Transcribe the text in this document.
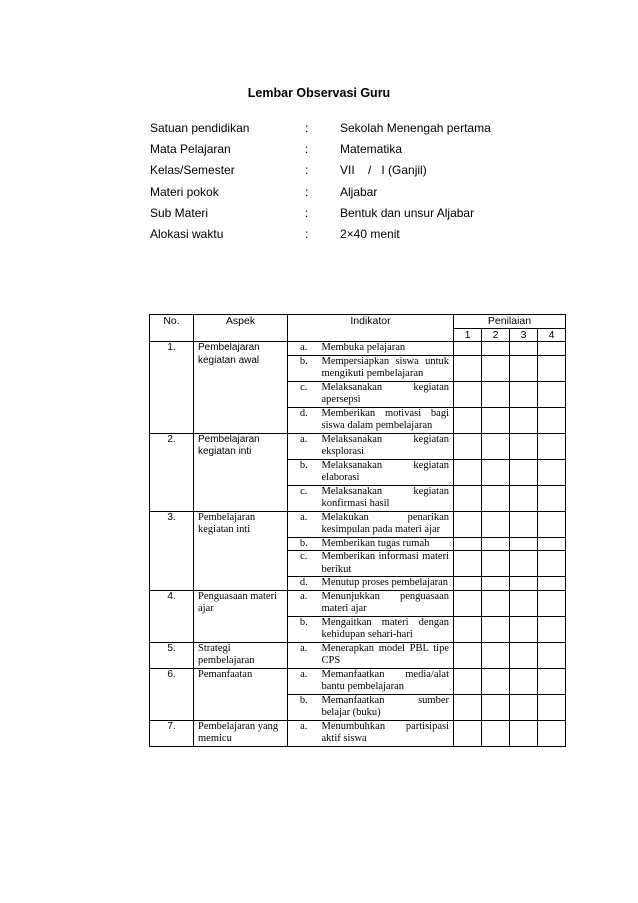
Lembar Observasi Guru
Satuan pendidikan	:	Sekolah Menengah pertama
Mata Pelajaran	:	Matematika
Kelas/Semester	:	VII    /   I (Ganjil)
Materi pokok	:	Aljabar
Sub Materi	:	Bentuk dan unsur Aljabar
Alokasi waktu	:	2×40 menit
No.	Aspek	Indikator		Penilaian			
				1	2	3	4
1.	Pembelajaran kegiatan awal	a.	Membuka pelajaran				
		b.	Mempersiapkan siswa untuk mengikuti pembelajaran				
		c.	Melaksanakan kegiatan apersepsi				
		d.	Memberikan motivasi bagi siswa dalam pembelajaran				
2.	Pembelajaran kegiatan inti	a.	Melaksanakan kegiatan eksplorasi				
		b.	Melaksanakan kegiatan elaborasi				
		c.	Melaksanakan kegiatan konfirmasi hasil				
3.	Pembelajaran kegiatan inti	a.	Melakukan penarikan kesimpulan pada materi ajar				
		b.	Memberikan tugas rumah				
		c.	Memberikan informasi materi berikut				
		d.	Menutup proses pembelajaran				
4.	Penguasaan materi ajar	a.	Menunjukkan penguasaan materi ajar				
		b.	Mengaitkan materi dengan kehidupan sehari-hari				
5.	Strategi pembelajaran	a.	Menerapkan model PBL tipe CPS				
6.	Pemanfaatan	a.	Memanfaatkan media/alat bantu pembelajaran				
		b.	Memanfaatkan sumber belajar (buku)				
7.	Pembelajaran yang memicu	a.	Menumbuhkan partisipasi aktif siswa				
